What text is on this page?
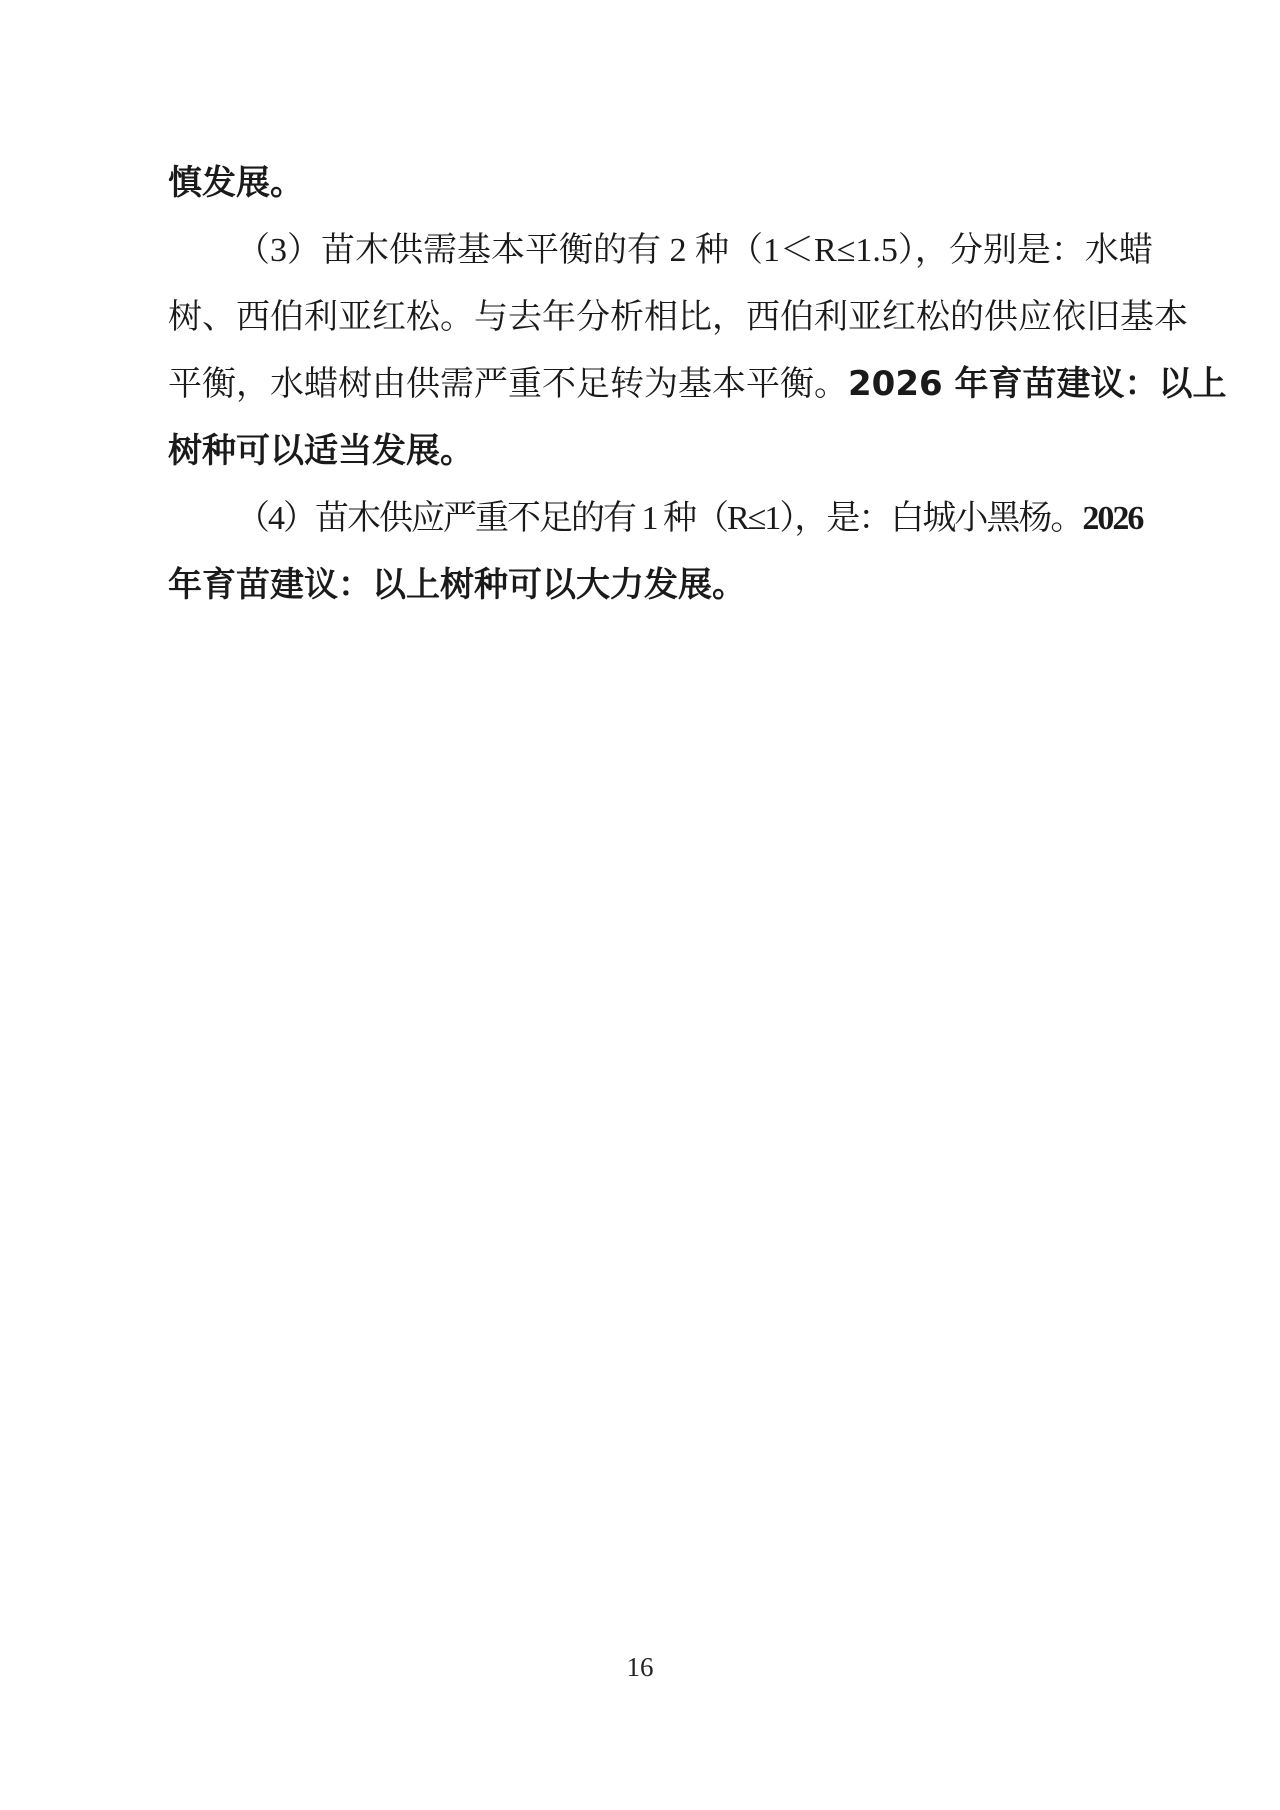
慎发展。
（3）苗木供需基本平衡的有 2 种（1＜R≤1.5），分别是：水蜡
树、西伯利亚红松。与去年分析相比，西伯利亚红松的供应依旧基本
平衡，水蜡树由供需严重不足转为基本平衡。2026 年育苗建议：以上
树种可以适当发展。
（4）苗木供应严重不足的有 1 种（R≤1），是：白城小黑杨。2026
年育苗建议：以上树种可以大力发展。
16
